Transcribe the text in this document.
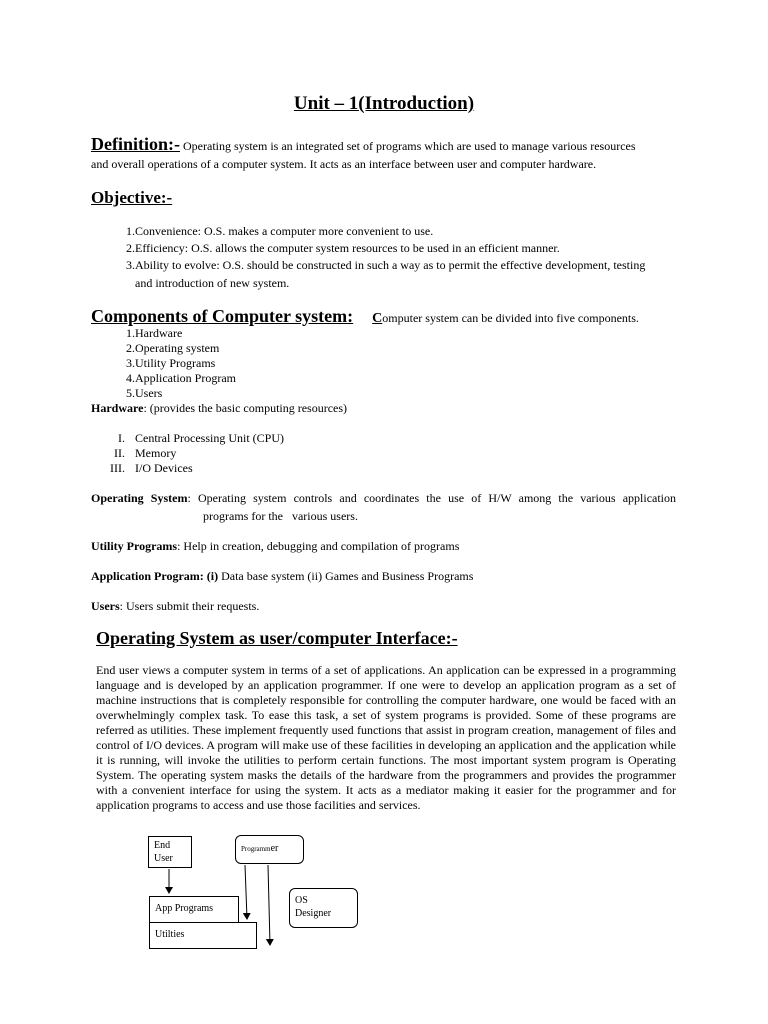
Unit – 1(Introduction)
Definition:- Operating system is an integrated set of programs which are used to manage various resources
and overall operations of a computer system. It acts as an interface between user and computer hardware.
Objective:-
1. Convenience: O.S. makes a computer more convenient to use.
2. Efficiency: O.S. allows the computer system resources to be used in an efficient manner.
3. Ability to evolve: O.S. should be constructed in such a way as to permit the effective development, testing
and introduction of new system.
Components of Computer system: Computer system can be divided into five components.
1. Hardware
2. Operating system
3. Utility Programs
4. Application Program
5. Users
Hardware: (provides the basic computing resources)
I. Central Processing Unit (CPU)
II. Memory
III. I/O Devices
Operating System: Operating system controls and coordinates the use of H/W among the various application
programs for the   various users.
Utility Programs: Help in creation, debugging and compilation of programs
Application Program: (i) Data base system (ii) Games and Business Programs
Users: Users submit their requests.
Operating System as user/computer Interface:-
End user views a computer system in terms of a set of applications. An application can be expressed in a programming language and is developed by an application programmer. If one were to develop an application program as a set of machine instructions that is completely responsible for controlling the computer hardware, one would be faced with an overwhelmingly complex task. To ease this task, a set of system programs is provided. Some of these programs are referred as utilities. These implement frequently used functions that assist in program creation, management of files and control of I/O devices. A program will make use of these facilities in developing an application and the application while it is running, will invoke the utilities to perform certain functions. The most important system program is Operating System. The operating system masks the details of the hardware from the programmers and provides the programmer with a convenient interface for using the system. It acts as a mediator making it easier for the programmer and for application programs to access and use those facilities and services.
End
User
Programmer
OS
Designer
App Programs
Utilties
